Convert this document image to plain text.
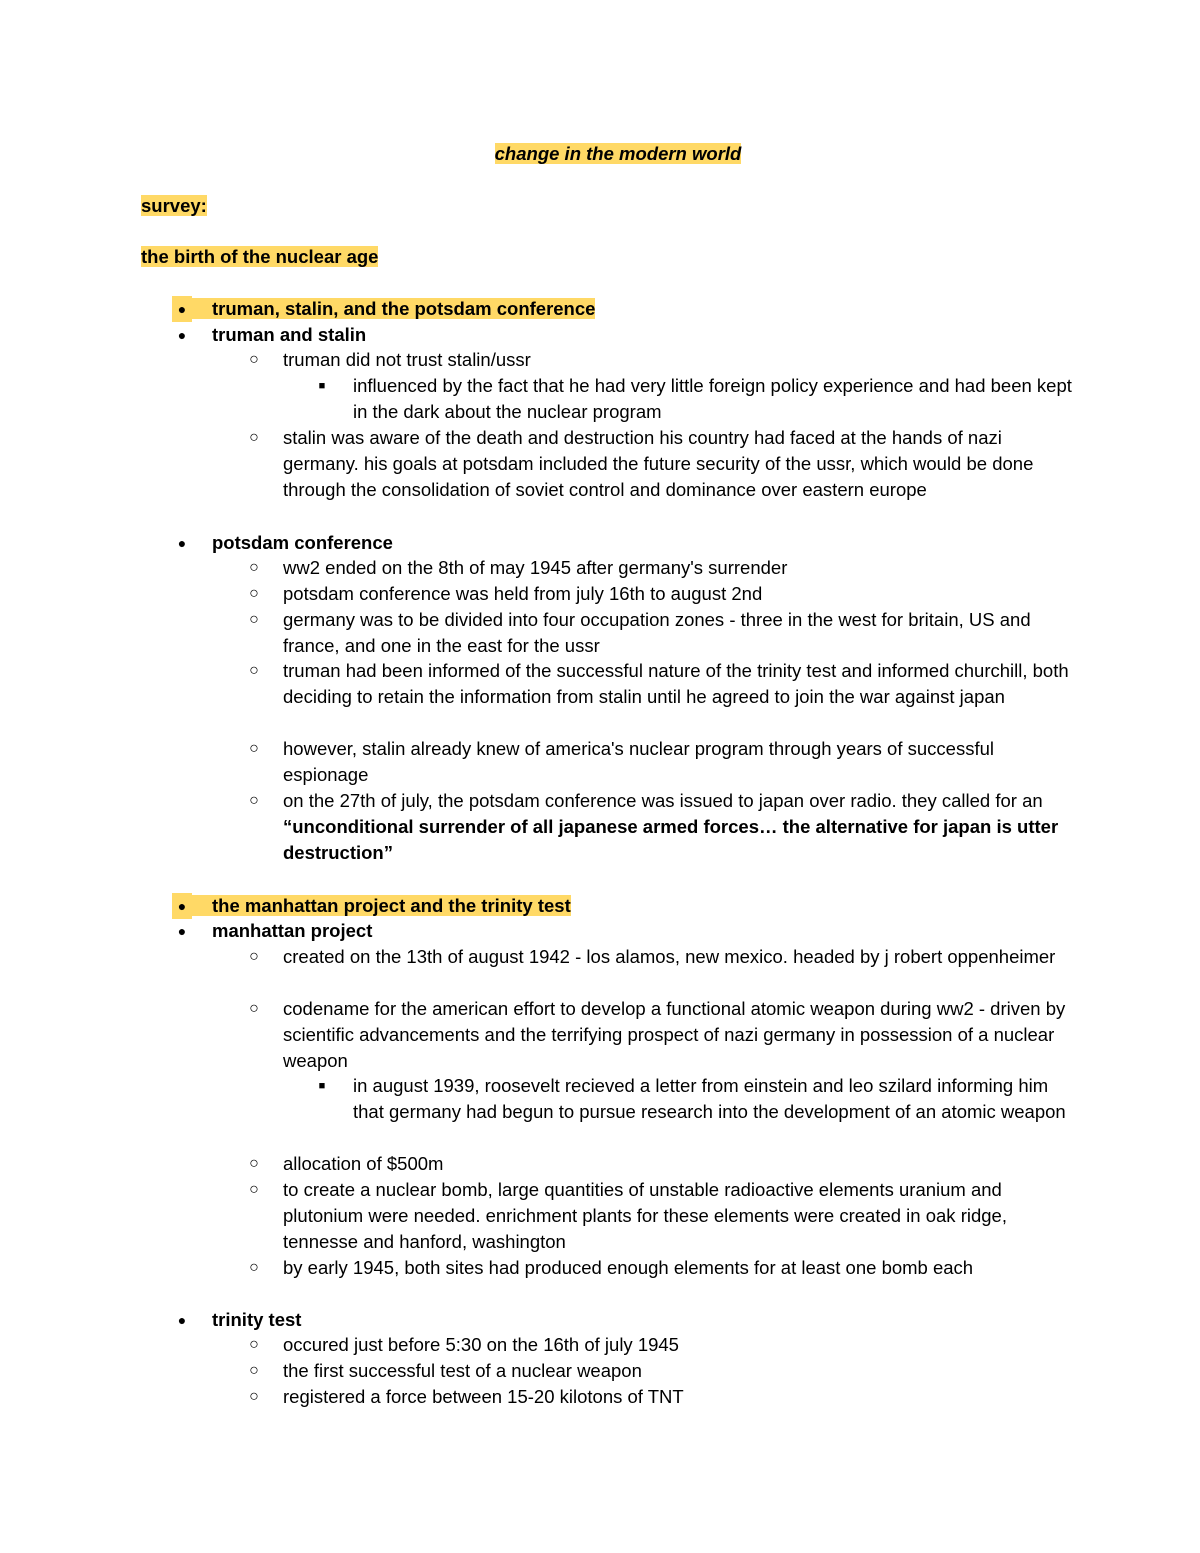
change in the modern world
survey:
the birth of the nuclear age
●	truman, stalin, and the potsdam conference
●	truman and stalin
○ truman did not trust stalin/ussr
■	influenced by the fact that he had very little foreign policy experience and had been kept in the dark about the nuclear program
○ stalin was aware of the death and destruction his country had faced at the hands of nazi germany. his goals at potsdam included the future security of the ussr, which would be done through the consolidation of soviet control and dominance over eastern europe
●	potsdam conference
○ ww2 ended on the 8th of may 1945 after germany's surrender
○ potsdam conference was held from july 16th to august 2nd
○ germany was to be divided into four occupation zones - three in the west for britain, US and france, and one in the east for the ussr
○ truman had been informed of the successful nature of the trinity test and informed churchill, both deciding to retain the information from stalin until he agreed to join the war against japan
○ however, stalin already knew of america's nuclear program through years of successful espionage
○ on the 27th of july, the potsdam conference was issued to japan over radio. they called for an “unconditional surrender of all japanese armed forces… the alternative for japan is utter destruction”
●	the manhattan project and the trinity test
●	manhattan project
○ created on the 13th of august 1942 - los alamos, new mexico. headed by j robert oppenheimer
○ codename for the american effort to develop a functional atomic weapon during ww2 - driven by scientific advancements and the terrifying prospect of nazi germany in possession of a nuclear weapon
■	in august 1939, roosevelt recieved a letter from einstein and leo szilard informing him that germany had begun to pursue research into the development of an atomic weapon
○ allocation of $500m
○ to create a nuclear bomb, large quantities of unstable radioactive elements uranium and plutonium were needed. enrichment plants for these elements were created in oak ridge, tennesse and hanford, washington
○ by early 1945, both sites had produced enough elements for at least one bomb each
●	trinity test
○ occured just before 5:30 on the 16th of july 1945
○ the first successful test of a nuclear weapon
○ registered a force between 15-20 kilotons of TNT
